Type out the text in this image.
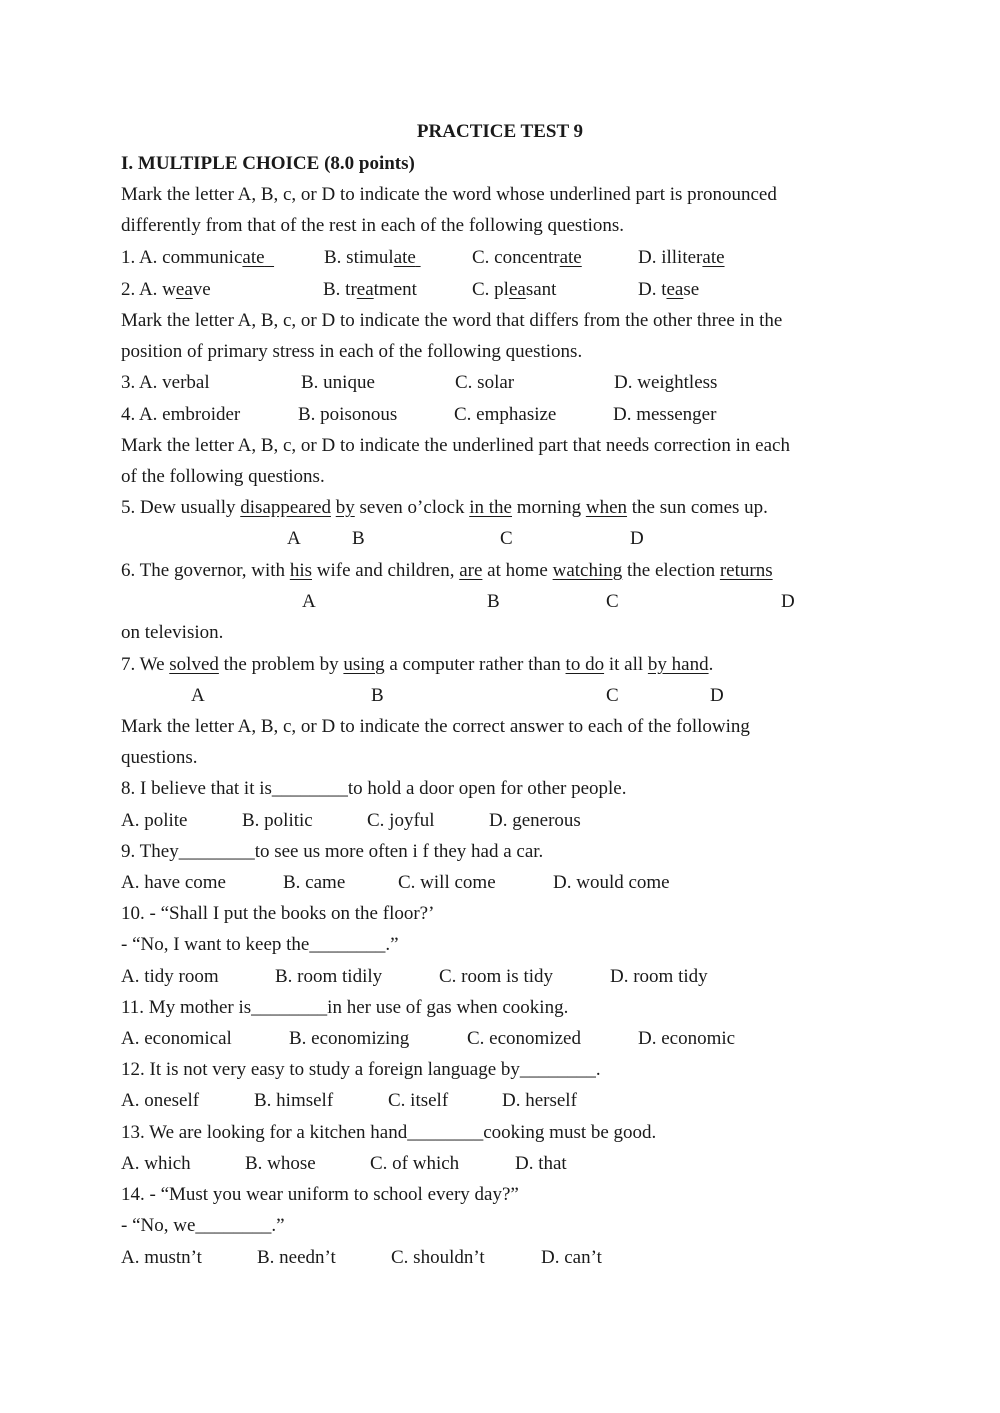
PRACTICE TEST 9
I. MULTIPLE CHOICE (8.0 points)
Mark the letter A, B, c, or D to indicate the word whose underlined part is pronounced
differently from that of the rest in each of the following questions.
1. A. communicate	B. stimulate	C. concentrate	D. illiterate
2. A. weave	B. treatment	C. pleasant	D. tease
Mark the letter A, B, c, or D to indicate the word that differs from the other three in the
position of primary stress in each of the following questions.
3. A. verbal	B. unique	C. solar	D. weightless
4. A. embroider	B. poisonous	C. emphasize	D. messenger
Mark the letter A, B, c, or D to indicate the underlined part that needs correction in each
of the following questions.
5. Dew usually disappeared by seven o’clock in the morning when the sun comes up.
A	B	C	D
6. The governor, with his wife and children, are at home watching the election returns
A	B	C	D
on television.
7. We solved the problem by using a computer rather than to do it all by hand.
A	B	C	D
Mark the letter A, B, c, or D to indicate the correct answer to each of the following
questions.
8. I believe that it is________to hold a door open for other people.
A. polite	B. politic	C. joyful	D. generous
9. They________to see us more often i f they had a car.
A. have come	B. came	C. will come	D. would come
10. - “Shall I put the books on the floor?’
- “No, I want to keep the________.”
A. tidy room	B. room tidily	C. room is tidy	D. room tidy
11. My mother is________in her use of gas when cooking.
A. economical	B. economizing	C. economized	D. economic
12. It is not very easy to study a foreign language by________.
A. oneself	B. himself	C. itself	D. herself
13. We are looking for a kitchen hand________cooking must be good.
A. which	B. whose	C. of which	D. that
14. - “Must you wear uniform to school every day?”
- “No, we________.”
A. mustn’t	B. needn’t	C. shouldn’t	D. can’t
